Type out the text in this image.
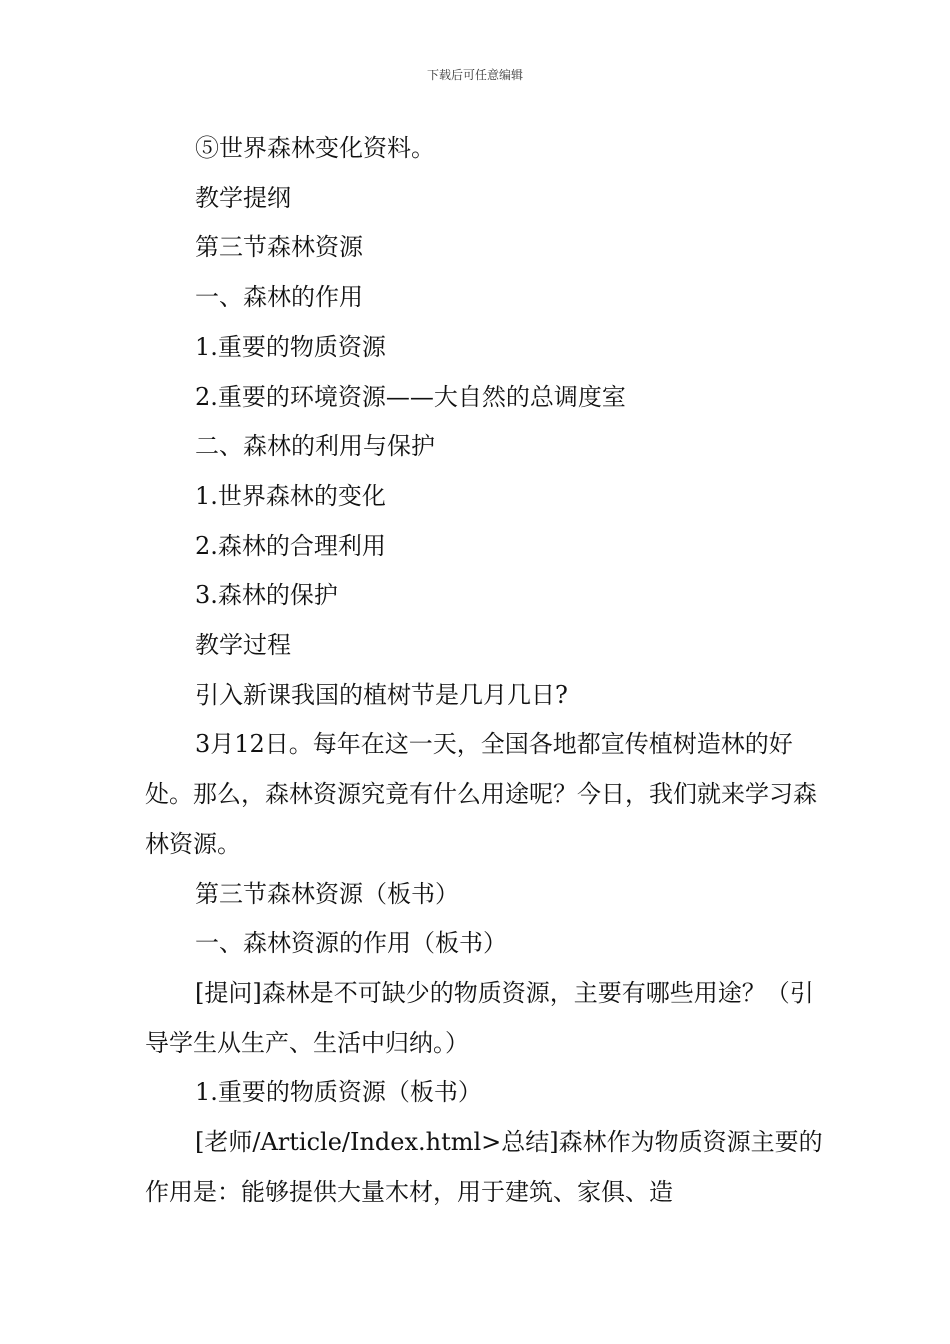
下载后可任意编辑

⑤世界森林变化资料。

教学提纲

第三节森林资源

一、森林的作用

1.重要的物质资源

2.重要的环境资源——大自然的总调度室

二、森林的利用与保护

1.世界森林的变化

2.森林的合理利用

3.森林的保护

教学过程

引入新课我国的植树节是几月几日?

3月12日。每年在这一天，全国各地都宣传植树造林的好处。那么，森林资源究竟有什么用途呢？今日，我们就来学习森林资源。

第三节森林资源（板书）

一、森林资源的作用（板书）

[提问]森林是不可缺少的物质资源，主要有哪些用途？（引导学生从生产、生活中归纳。）

1.重要的物质资源（板书）

[老师/Article/Index.html>总结]森林作为物质资源主要的作用是：能够提供大量木材，用于建筑、家俱、造
